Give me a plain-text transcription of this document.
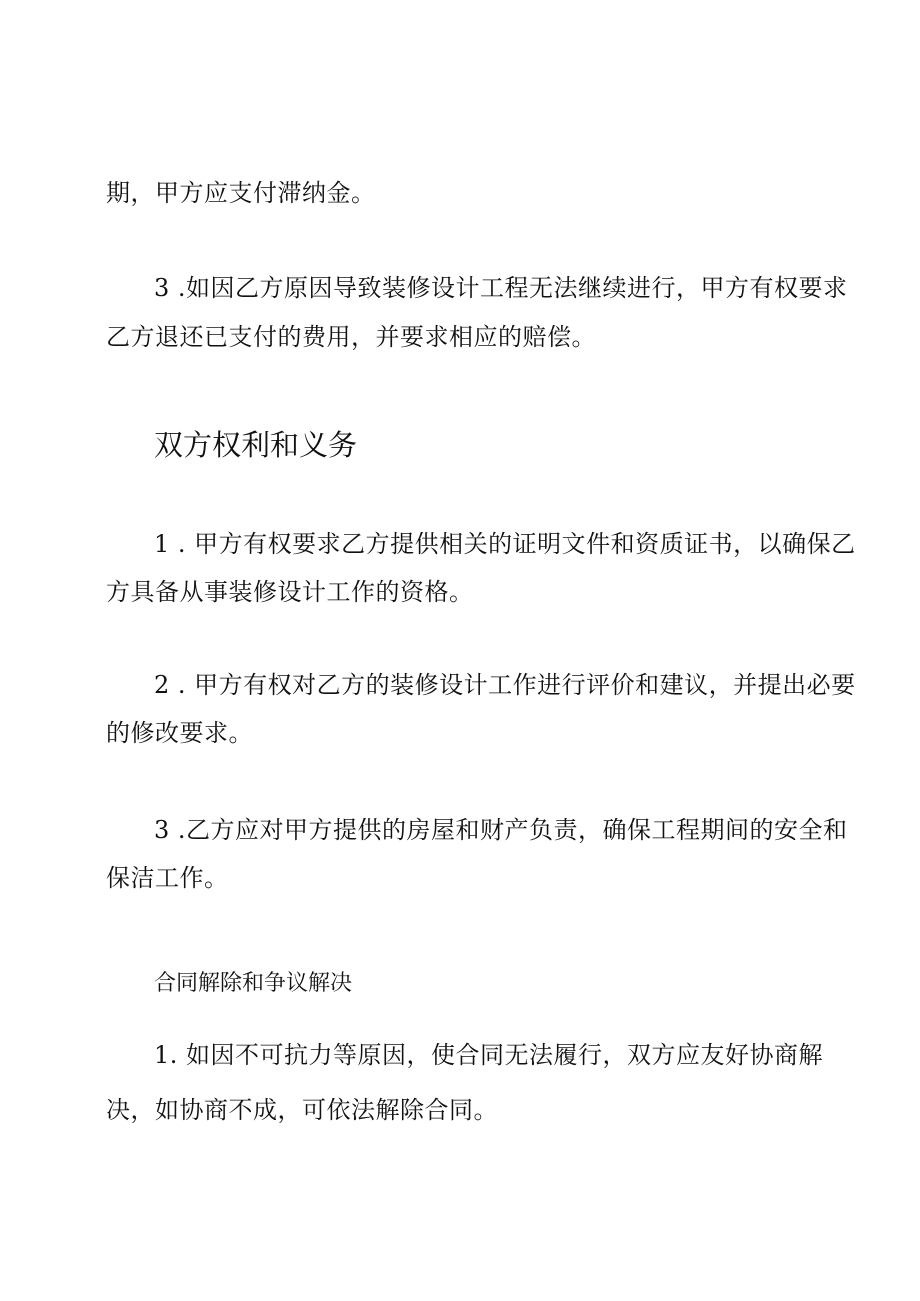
期，甲方应支付滞纳金。
3 .如因乙方原因导致装修设计工程无法继续进行，甲方有权要求
乙方退还已支付的费用，并要求相应的赔偿。
双方权利和义务
1 . 甲方有权要求乙方提供相关的证明文件和资质证书，以确保乙
方具备从事装修设计工作的资格。
2 . 甲方有权对乙方的装修设计工作进行评价和建议，并提出必要
的修改要求。
3 .乙方应对甲方提供的房屋和财产负责，确保工程期间的安全和
保洁工作。
合同解除和争议解决
1. 如因不可抗力等原因，使合同无法履行，双方应友好协商解
决，如协商不成，可依法解除合同。
